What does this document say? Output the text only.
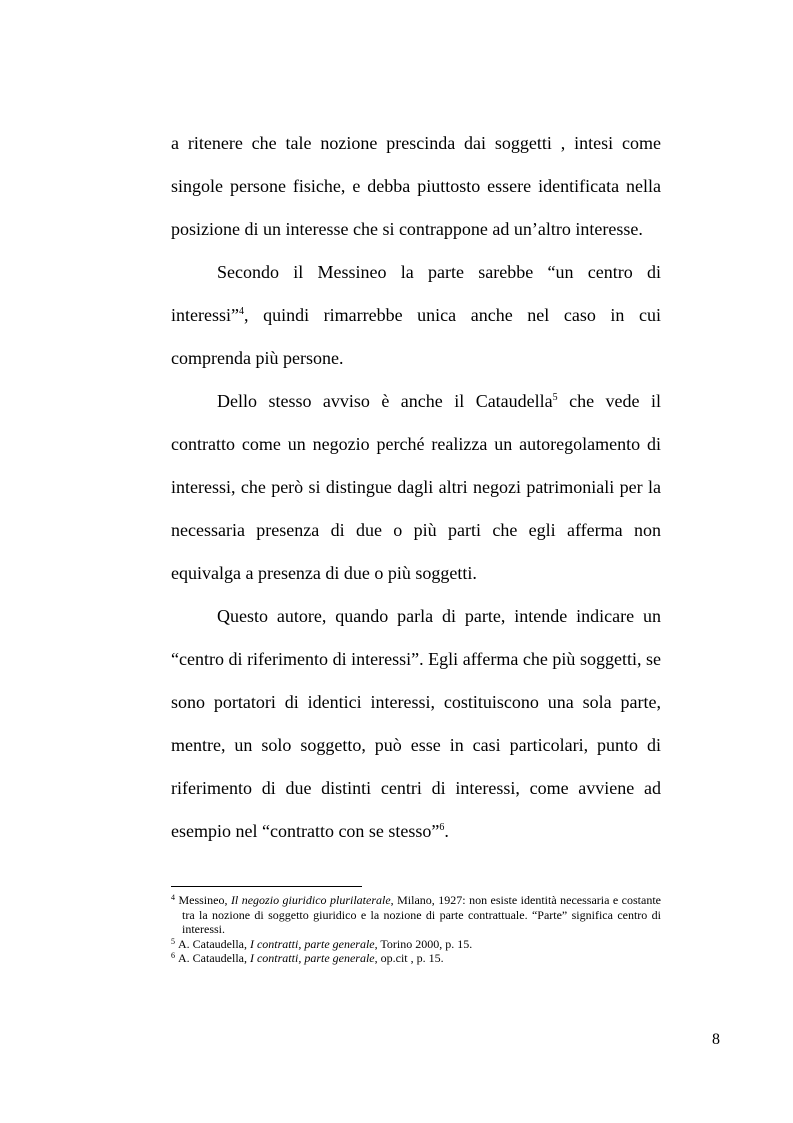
a ritenere che tale nozione prescinda dai soggetti , intesi come singole persone fisiche, e debba piuttosto essere identificata nella posizione di un interesse che si contrappone ad un’altro interesse.

Secondo il Messineo la parte sarebbe “un centro di interessi”$^4$, quindi rimarrebbe unica anche nel caso in cui comprenda più persone.

Dello stesso avviso è anche il Cataudella$^5$ che vede il contratto come un negozio perché realizza un autoregolamento di interessi, che però si distingue dagli altri negozi patrimoniali per la necessaria presenza di due o più parti che egli afferma non equivalga a presenza di due o più soggetti.

Questo autore, quando parla di parte, intende indicare un “centro di riferimento di interessi”. Egli afferma che più soggetti, se sono portatori di identici interessi, costituiscono una sola parte, mentre, un solo soggetto, può esse in casi particolari, punto di riferimento di due distinti centri di interessi, come avviene ad esempio nel “contratto con se stesso”$^6$.

$^4$ Messineo, Il negozio giuridico plurilaterale, Milano, 1927: non esiste identità necessaria e costante tra la nozione di soggetto giuridico e la nozione di parte contrattuale. “Parte” significa centro di interessi.

$^5$ A. Cataudella, I contratti, parte generale, Torino 2000, p. 15.

$^6$ A. Cataudella, I contratti, parte generale, op.cit , p. 15.

8
